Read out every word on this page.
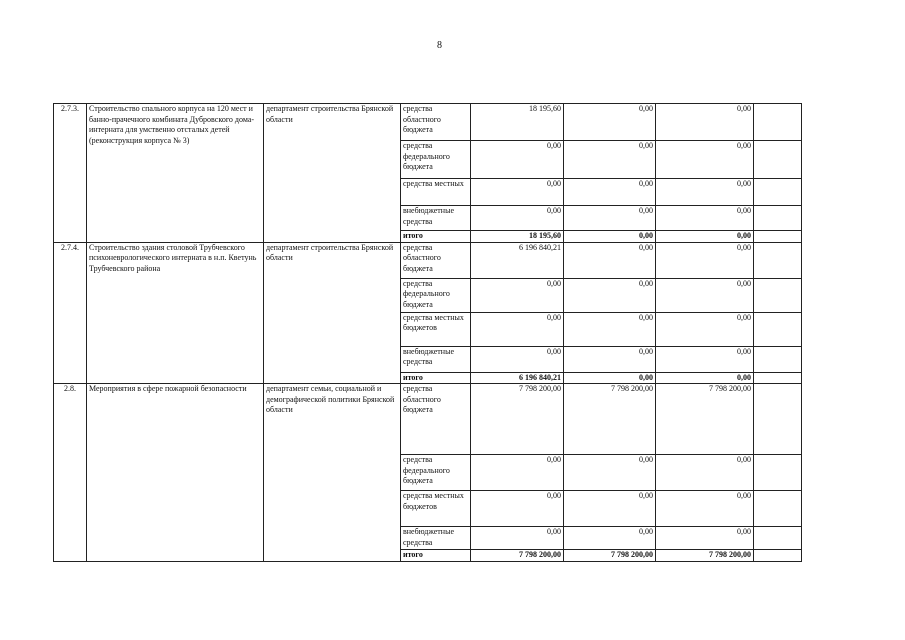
8
2.7.3.	Строительство спального корпуса на 120 мест и банно-прачечного комбината Дубровского дома-интерната для умственно отсталых детей (реконструкция корпуса № 3)	департамент строительства Брянской области	средства областного бюджета	18 195,60	0,00	0,00	
			средства федерального бюджета	0,00	0,00	0,00	
			средства местных	0,00	0,00	0,00	
			внебюджетные средства	0,00	0,00	0,00	
			итого	18 195,60	0,00	0,00	
2.7.4.	Строительство здания столовой Трубчевского психоневрологического интерната в н.п. Кветунь Трубчевского района	департамент строительства Брянской области	средства областного бюджета	6 196 840,21	0,00	0,00	
			средства федерального бюджета	0,00	0,00	0,00	
			средства местных бюджетов	0,00	0,00	0,00	
			внебюджетные средства	0,00	0,00	0,00	
			итого	6 196 840,21	0,00	0,00	
2.8.	Мероприятия в сфере пожарной безопасности	департамент семьи, социальной и демографической политики Брянской области	средства областного бюджета	7 798 200,00	7 798 200,00	7 798 200,00	
			средства федерального бюджета	0,00	0,00	0,00	
			средства местных бюджетов	0,00	0,00	0,00	
			внебюджетные средства	0,00	0,00	0,00	
			итого	7 798 200,00	7 798 200,00	7 798 200,00	
